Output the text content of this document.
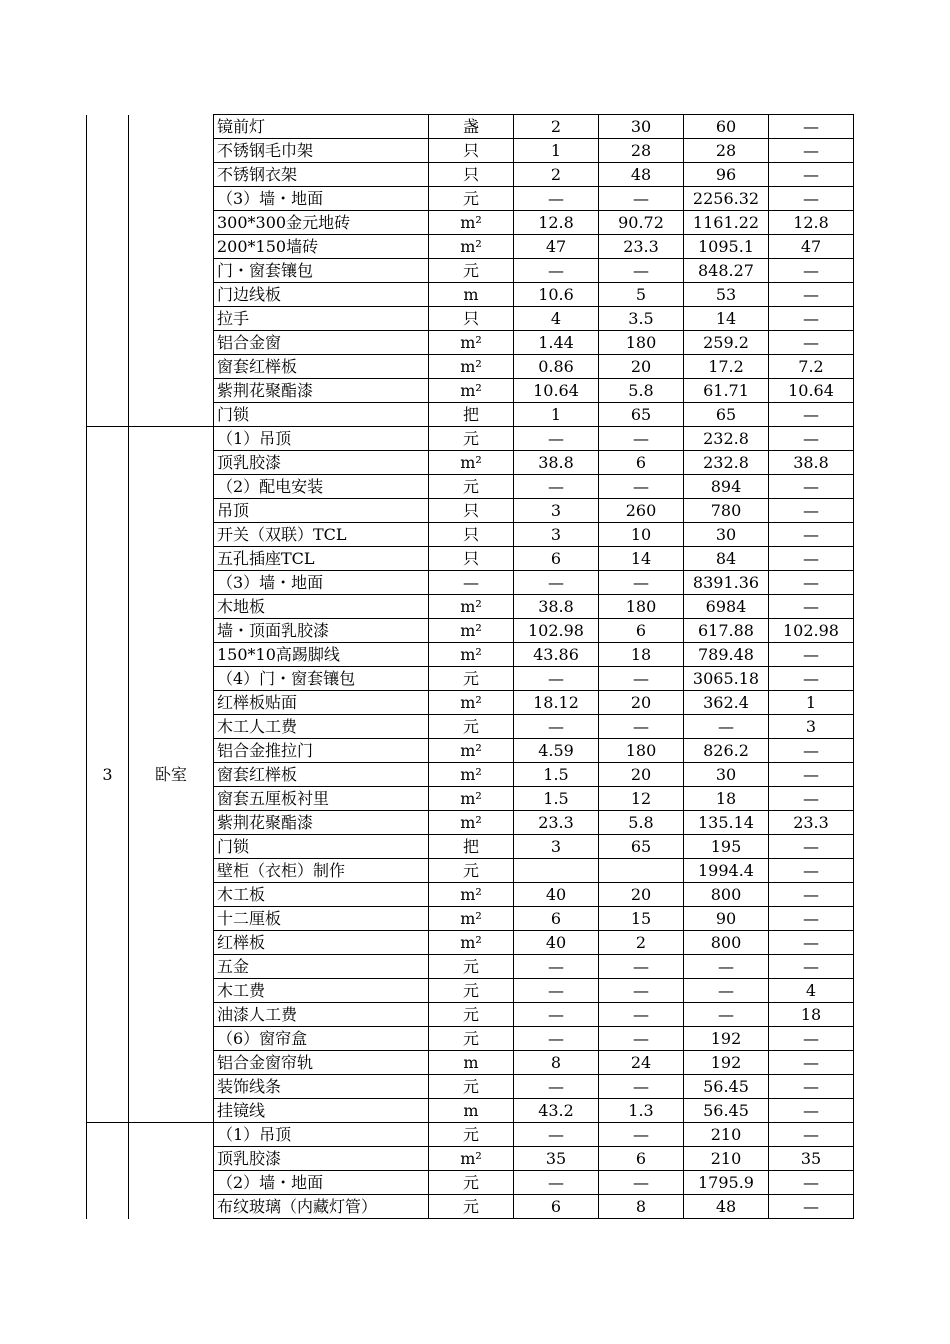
		镜前灯	盏	2	30	60	—
		不锈钢毛巾架	只	1	28	28	—
		不锈钢衣架	只	2	48	96	—
		（3）墙・地面	元	—	—	2256.32	—
		300*300金元地砖	m²	12.8	90.72	1161.22	12.8
		200*150墙砖	m²	47	23.3	1095.1	47
		门・窗套镶包	元	—	—	848.27	—
		门边线板	m	10.6	5	53	—
		拉手	只	4	3.5	14	—
		铝合金窗	m²	1.44	180	259.2	—
		窗套红榉板	m²	0.86	20	17.2	7.2
		紫荆花聚酯漆	m²	10.64	5.8	61.71	10.64
		门锁	把	1	65	65	—
3	卧室	（1）吊顶	元	—	—	232.8	—
		顶乳胶漆	m²	38.8	6	232.8	38.8
		（2）配电安装	元	—	—	894	—
		吊顶	只	3	260	780	—
		开关（双联）TCL	只	3	10	30	—
		五孔插座TCL	只	6	14	84	—
		（3）墙・地面	—	—	—	8391.36	—
		木地板	m²	38.8	180	6984	—
		墙・顶面乳胶漆	m²	102.98	6	617.88	102.98
		150*10高踢脚线	m²	43.86	18	789.48	—
		（4）门・窗套镶包	元	—	—	3065.18	—
		红榉板贴面	m²	18.12	20	362.4	1
		木工人工费	元	—	—	—	3
		铝合金推拉门	m²	4.59	180	826.2	—
		窗套红榉板	m²	1.5	20	30	—
		窗套五厘板衬里	m²	1.5	12	18	—
		紫荆花聚酯漆	m²	23.3	5.8	135.14	23.3
		门锁	把	3	65	195	—
		壁柜（衣柜）制作	元			1994.4	—
		木工板	m²	40	20	800	—
		十二厘板	m²	6	15	90	—
		红榉板	m²	40	2	800	—
		五金	元	—	—	—	—
		木工费	元	—	—	—	4
		油漆人工费	元	—	—	—	18
		（6）窗帘盒	元	—	—	192	—
		铝合金窗帘轨	m	8	24	192	—
		装饰线条	元	—	—	56.45	—
		挂镜线	m	43.2	1.3	56.45	—
		（1）吊顶	元	—	—	210	—
		顶乳胶漆	m²	35	6	210	35
		（2）墙・地面	元	—	—	1795.9	—
		布纹玻璃（内藏灯管）	元	6	8	48	—
